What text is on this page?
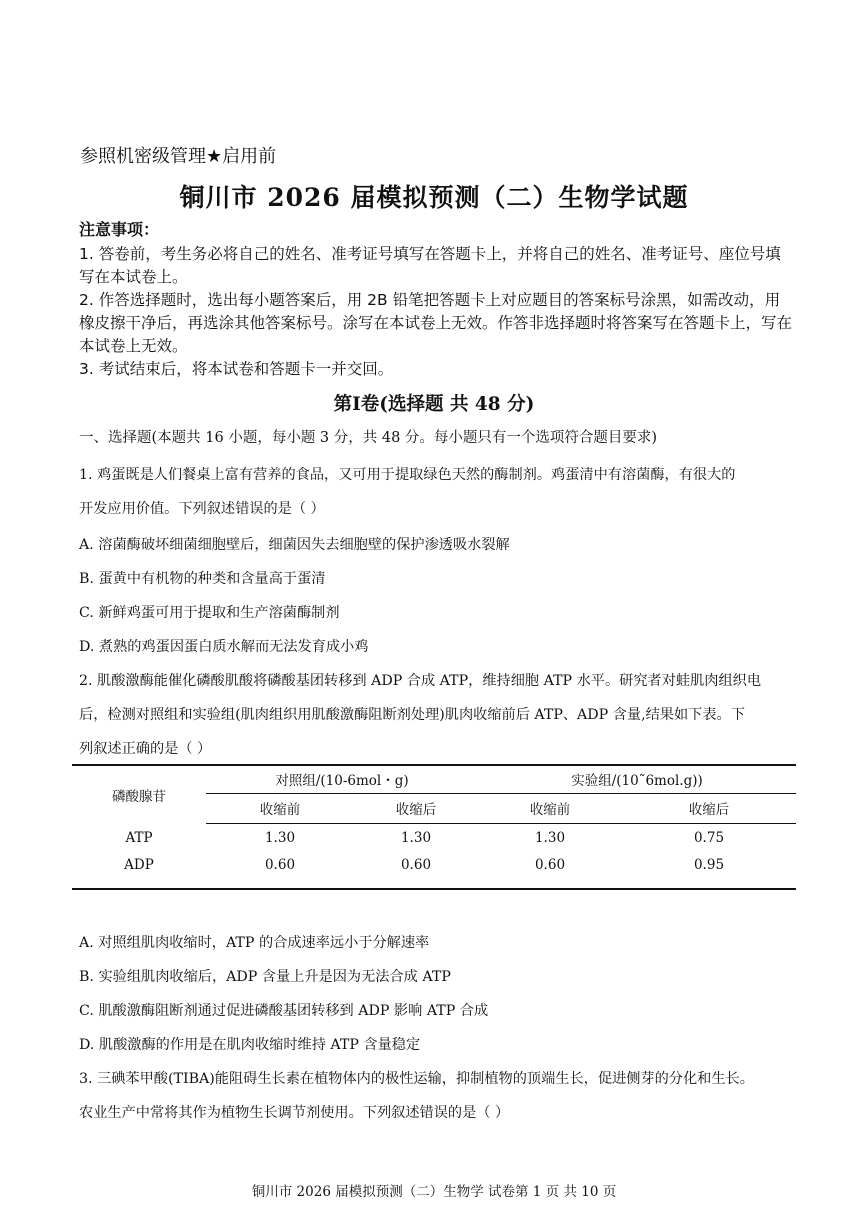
参照机密级管理★启用前
铜川市 2026 届模拟预测（二）生物学试题
注意事项：

1. 答卷前，考生务必将自己的姓名、准考证号填写在答题卡上，并将自己的姓名、准考证号、座位号填写在本试卷上。

2. 作答选择题时，选出每小题答案后，用 2B 铅笔把答题卡上对应题目的答案标号涂黑，如需改动，用橡皮擦干净后，再选涂其他答案标号。涂写在本试卷上无效。作答非选择题时将答案写在答题卡上，写在本试卷上无效。

3. 考试结束后，将本试卷和答题卡一并交回。

第Ⅰ卷(选择题 共 48 分)
一、选择题(本题共 16 小题，每小题 3 分，共 48 分。每小题只有一个选项符合题目要求)

1. 鸡蛋既是人们餐桌上富有营养的食品，又可用于提取绿色天然的酶制剂。鸡蛋清中有溶菌酶，有很大的

开发应用价值。下列叙述错误的是（ ）

A. 溶菌酶破坏细菌细胞壁后，细菌因失去细胞壁的保护渗透吸水裂解
B. 蛋黄中有机物的种类和含量高于蛋清
C. 新鲜鸡蛋可用于提取和生产溶菌酶制剂
D. 煮熟的鸡蛋因蛋白质水解而无法发育成小鸡

2. 肌酸激酶能催化磷酸肌酸将磷酸基团转移到 ADP 合成 ATP，维持细胞 ATP 水平。研究者对蛙肌肉组织电

后，检测对照组和实验组(肌肉组织用肌酸激酶阻断剂处理)肌肉收缩前后 ATP、ADP 含量,结果如下表。下

列叙述正确的是（ ）

磷酸腺苷	对照组/(10-6mol・g)		实验组/(10˜6mol.g))	
	收缩前	收缩后	收缩前	收缩后
ATP	1.30	1.30	1.30	0.75
ADP	0.60	0.60	0.60	0.95
A. 对照组肌肉收缩时，ATP 的合成速率远小于分解速率
B. 实验组肌肉收缩后，ADP 含量上升是因为无法合成 ATP
C. 肌酸激酶阻断剂通过促进磷酸基团转移到 ADP 影响 ATP 合成
D. 肌酸激酶的作用是在肌肉收缩时维持 ATP 含量稳定

3. 三碘苯甲酸(TIBA)能阻碍生长素在植物体内的极性运输，抑制植物的顶端生长，促进侧芽的分化和生长。

农业生产中常将其作为植物生长调节剂使用。下列叙述错误的是（ ）

铜川市 2026 届模拟预测（二）生物学 试卷第 1 页 共 10 页
